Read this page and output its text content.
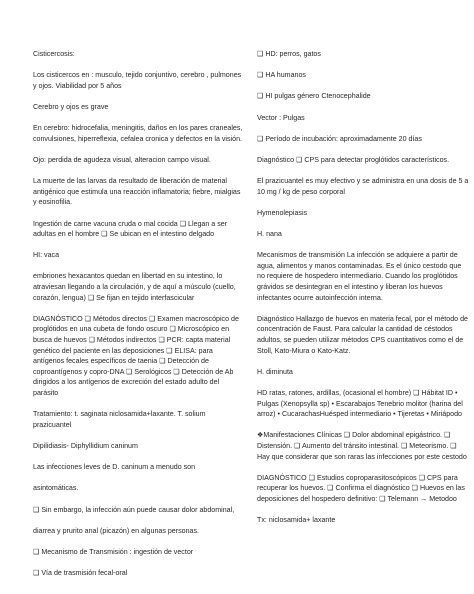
Cisticercosis:

Los cisticercos en : musculo, tejido conjuntivo, cerebro , pulmones y ojos. Viabilidad por 5 años

Cerebro y ojos es grave

En cerebro: hidrocefalia, meningitis, daños en los pares craneales, convulsiones, hiperreflexia, cefalea cronica y defectos en la visión.

Ojo: perdida de agudeza visual, alteracion campo visual.

La muerte de las larvas da resultado de liberación de material antigénico que estimula una reacción inflamatoria; fiebre, mialgias y eosinofilia.

Ingestión de carne vacuna cruda o mal cocida ❑ Llegan a ser adultas en el hombre ❑ Se ubican en el intestino delgado

HI: vaca

embriones hexacantos quedan en libertad en su intestino, lo atraviesan llegando a la circulación, y de aquí a músculo (cuello, corazón, lengua) ❑ Se fijan en tejido interfascicular

DIAGNÓSTICO ❑ Métodos directos ❑ Examen macroscópico de proglótidos en una cubeta de fondo oscuro ❑ Microscópico en busca de huevos ❑ Métodos indirectos ❑ PCR: capta material genético del paciente en las deposiciones ❑ ELISA: para antígenos fecales específicos de taenia ❑ Detección de coproantígenos y copro-DNA ❑ Serológicos ❑ Detección de Ab dirigidos a los antígenos de excreción del estado adulto del parásito

Tratamiento: t. saginata niclosamida+laxante. T. solium prazicuantel

Dipilidiasis- Diphyllidium caninum

Las infecciones leves de D. caninum a menudo son

asintomáticas.

❑ Sin embargo, la infección aún puede causar dolor abdominal,

diarrea y prurito anal (picazón) en algunas personas.

❑ Mecanismo de Transmisión : ingestión de vector

❑ Vía de trasmisión fecal-oral

❑ HD: perros, gatos

❑ HA humanos

❑ HI pulgas género Ctenocephalide

Vector : Pulgas

❑ Período de incubación: aproximadamente 20 días

Diagnóstico ❑ CPS para detectar proglótidos característicos.

El prazicuantel es muy efectivo y se administra en una dosis de 5 a 10 mg / kg de peso corporal

Hymenolepiasis

H. nana

Mecanismos de transmisión La infección se adquiere a partir de agua, alimentos y manos contaminadas. Es el único cestodo que no requiere de hospedero intermediario. Cuando los proglótidos grávidos se desintegran en el intestino y liberan los huevos infectantes ocurre autoinfección interna.

Diagnóstico Hallazgo de huevos en materia fecal, por el método de concentración de Faust. Para calcular la cantidad de céstodos adultos, se pueden utilizar métodos CPS cuantitativos como el de Stoll, Kato-Miura o Kato-Katz.

H. diminuta

HD ratas, ratones, ardillas, (ocasional el hombre) ❑ Hábitat ID • Pulgas (Xenopsylla sp) • Escarabajos Tenebrio molitor (harina del arroz) • CucarachasHuésped intermediario • Tijeretas • Miriápodo

❖Manifestaciones Clínicas ❑ Dolor abdominal epigástrico. ❑ Distensión. ❑ Aumento del tránsito intestinal. ❑ Meteorismo. ❑ Hay que considerar que son raras las infecciones por este cestodo

DIAGNÓSTICO ❑ Estudios coproparasitoscópicos ❑ CPS para recuperar los huevos. ❑ Confirma el diagnóstico ❑ Huevos en las deposiciones del hospedero definitivo: ❑ Telemann → Metodoo

Tx: niclosamida+ laxante
